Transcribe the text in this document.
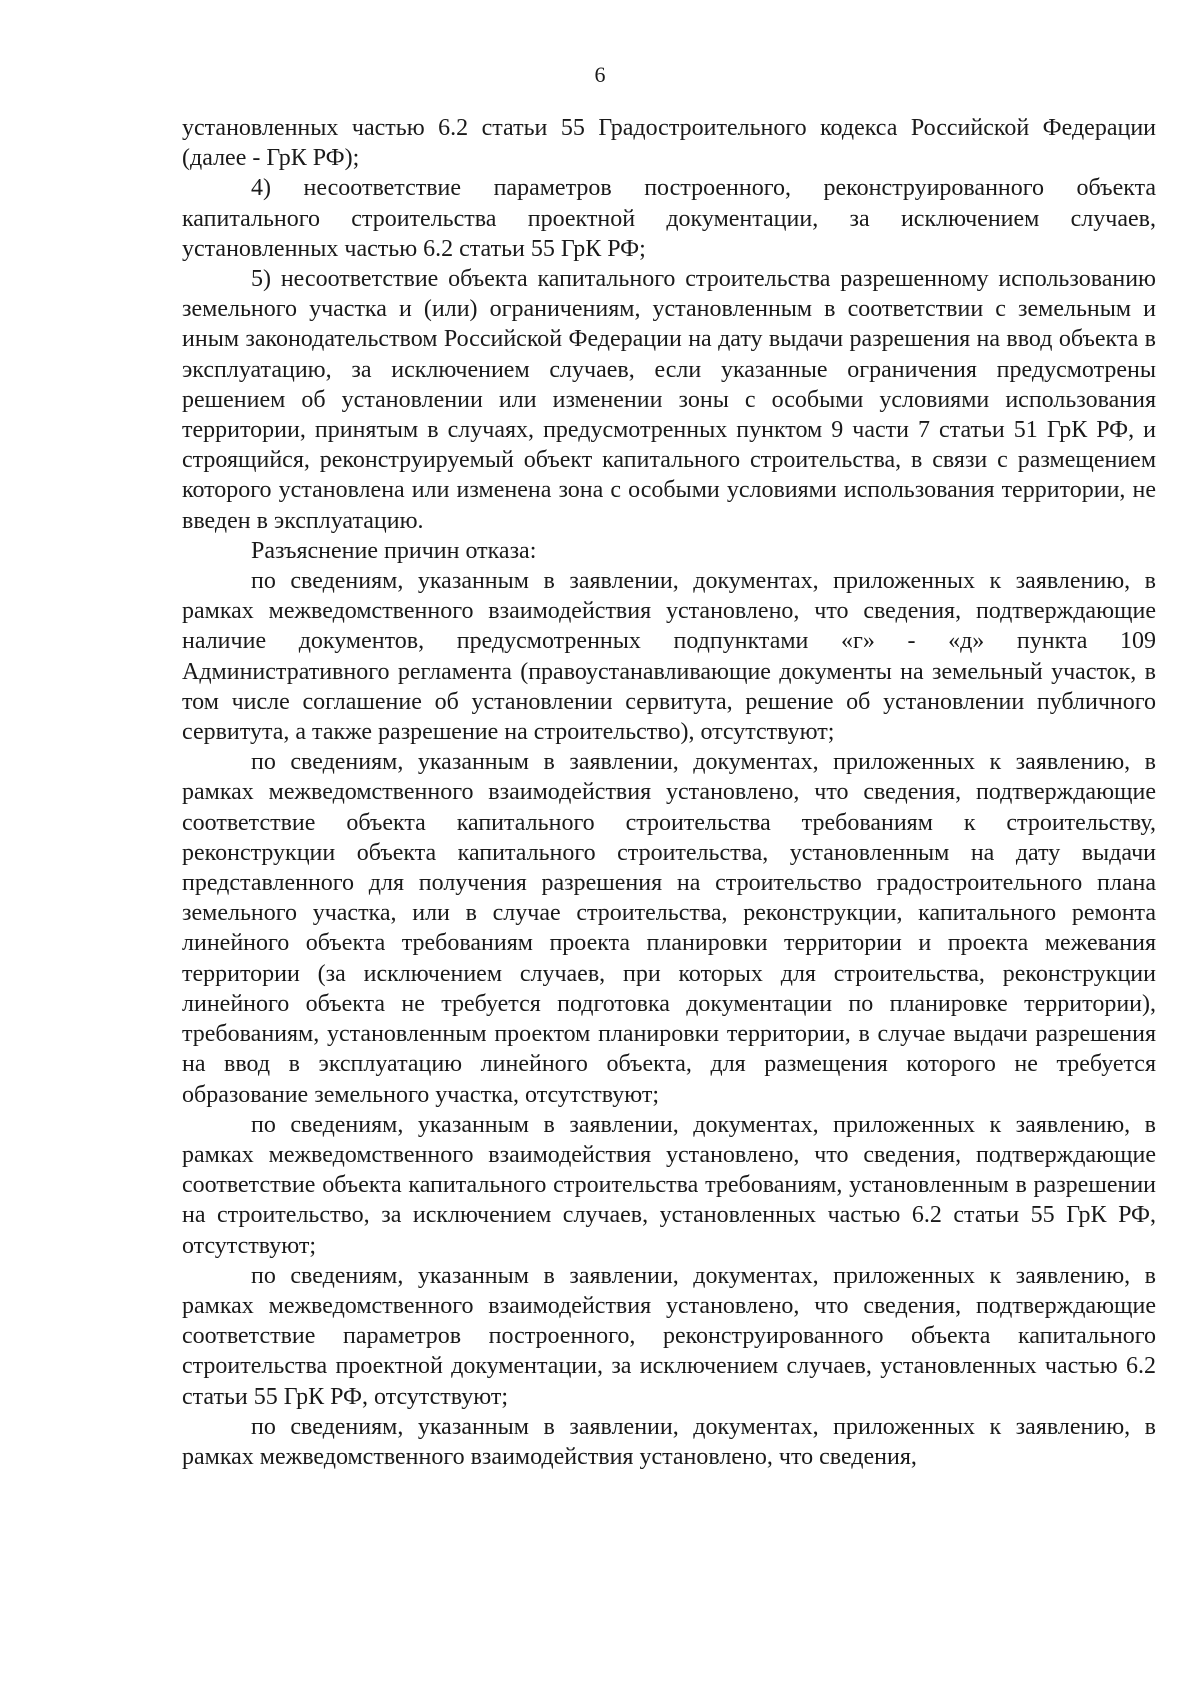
6

установленных частью 6.2 статьи 55 Градостроительного кодекса Российской Федерации (далее - ГрК РФ);

4) несоответствие параметров построенного, реконструированного объекта капитального строительства проектной документации, за исключением случаев, установленных частью 6.2 статьи 55 ГрК РФ;

5) несоответствие объекта капитального строительства разрешенному использованию земельного участка и (или) ограничениям, установленным в соответствии с земельным и иным законодательством Российской Федерации на дату выдачи разрешения на ввод объекта в эксплуатацию, за исключением случаев, если указанные ограничения предусмотрены решением об установлении или изменении зоны с особыми условиями использования территории, принятым в случаях, предусмотренных пунктом 9 части 7 статьи 51 ГрК РФ, и строящийся, реконструируемый объект капитального строительства, в связи с размещением которого установлена или изменена зона с особыми условиями использования территории, не введен в эксплуатацию.

Разъяснение причин отказа:

по сведениям, указанным в заявлении, документах, приложенных к заявлению, в рамках межведомственного взаимодействия установлено, что сведения, подтверждающие наличие документов, предусмотренных подпунктами «г» - «д» пункта 109 Административного регламента (правоустанавливающие документы на земельный участок, в том числе соглашение об установлении сервитута, решение об установлении публичного сервитута, а также разрешение на строительство), отсутствуют;

по сведениям, указанным в заявлении, документах, приложенных к заявлению, в рамках межведомственного взаимодействия установлено, что сведения, подтверждающие соответствие объекта капитального строительства требованиям к строительству, реконструкции объекта капитального строительства, установленным на дату выдачи представленного для получения разрешения на строительство градостроительного плана земельного участка, или в случае строительства, реконструкции, капитального ремонта линейного объекта требованиям проекта планировки территории и проекта межевания территории (за исключением случаев, при которых для строительства, реконструкции линейного объекта не требуется подготовка документации по планировке территории), требованиям, установленным проектом планировки территории, в случае выдачи разрешения на ввод в эксплуатацию линейного объекта, для размещения которого не требуется образование земельного участка, отсутствуют;

по сведениям, указанным в заявлении, документах, приложенных к заявлению, в рамках межведомственного взаимодействия установлено, что сведения, подтверждающие соответствие объекта капитального строительства требованиям, установленным в разрешении на строительство, за исключением случаев, установленных частью 6.2 статьи 55 ГрК РФ, отсутствуют;

по сведениям, указанным в заявлении, документах, приложенных к заявлению, в рамках межведомственного взаимодействия установлено, что сведения, подтверждающие соответствие параметров построенного, реконструированного объекта капитального строительства проектной документации, за исключением случаев, установленных частью 6.2 статьи 55 ГрК РФ, отсутствуют;

по сведениям, указанным в заявлении, документах, приложенных к заявлению, в рамках межведомственного взаимодействия установлено, что сведения,
